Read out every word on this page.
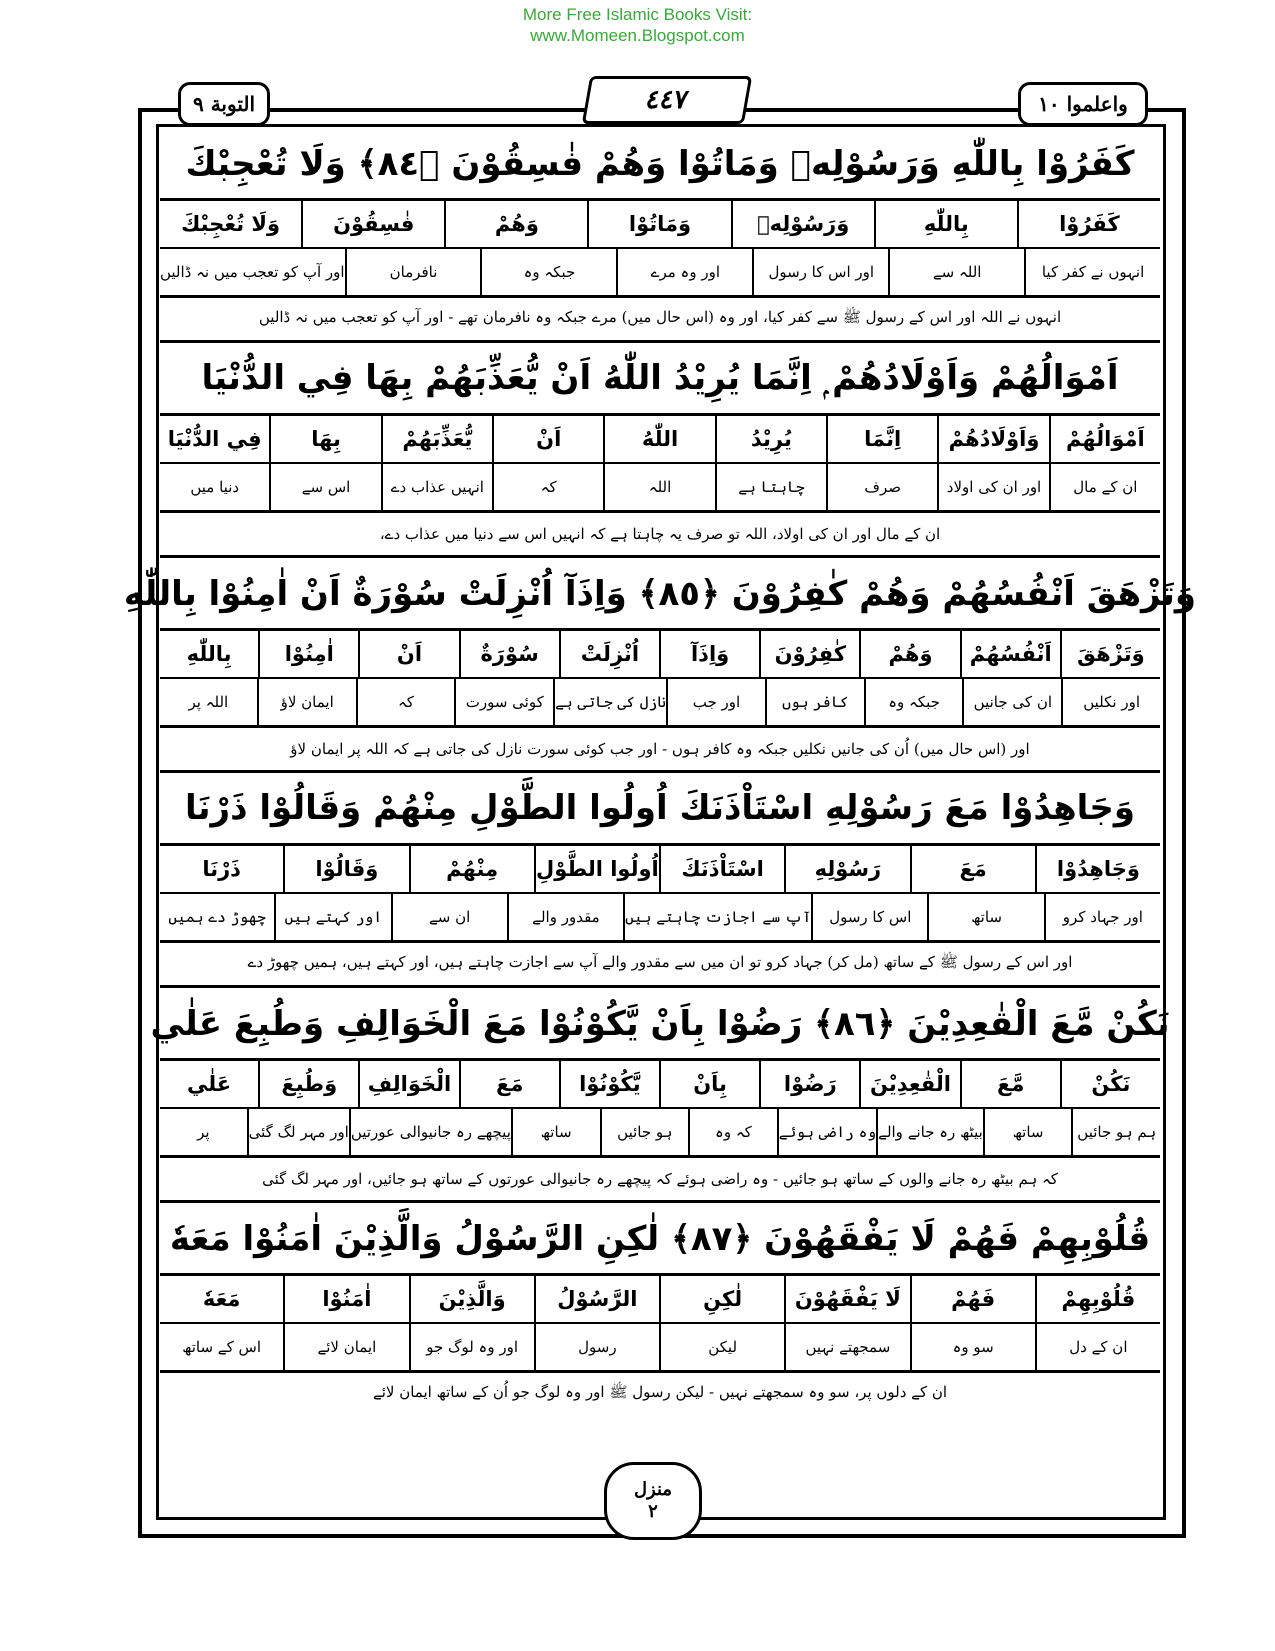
More Free Islamic Books Visit:
www.Momeen.Blogspot.com
التوبة ٩	٤٤٧	واعلموا ١٠
كَفَرُوْا بِاللّٰهِ وَرَسُوْلِهٖ وَمَاتُوْا وَهُمْ فٰسِقُوْنَ ﴿٨٤﴾ وَلَا تُعْجِبْكَ
كَفَرُوْا
بِاللّٰهِ
وَرَسُوْلِهٖ
وَمَاتُوْا
وَهُمْ
فٰسِقُوْنَ
وَلَا تُعْجِبْكَ
انہوں نے کفر کیا
اللہ سے
اور اس کا رسول
اور وہ مرے
جبکہ وہ
نافرمان
اور آپ کو تعجب میں نہ ڈالیں
انہوں نے اللہ اور اس کے رسول ﷺ سے کفر کیا، اور وہ (اس حال میں) مرے جبکہ وہ نافرمان تھے - اور آپ کو تعجب میں نہ ڈالیں
اَمْوَالُهُمْ وَاَوْلَادُهُمْ ۭ اِنَّمَا يُرِيْدُ اللّٰهُ اَنْ يُّعَذِّبَهُمْ بِهَا فِي الدُّنْيَا
اَمْوَالُهُمْ
وَاَوْلَادُهُمْ
اِنَّمَا
يُرِيْدُ
اللّٰهُ
اَنْ
يُّعَذِّبَهُمْ
بِهَا
فِي الدُّنْيَا
ان کے مال
اور ان کی اولاد
صرف
چاہتا ہے
اللہ
کہ
انہیں عذاب دے
اس سے
دنیا میں
ان کے مال اور ان کی اولاد، اللہ تو صرف یہ چاہتا ہے کہ انہیں اس سے دنیا میں عذاب دے،
وَتَزْهَقَ اَنْفُسُهُمْ وَهُمْ كٰفِرُوْنَ ﴿٨٥﴾ وَاِذَآ اُنْزِلَتْ سُوْرَةٌ اَنْ اٰمِنُوْا بِاللّٰهِ
وَتَزْهَقَ
اَنْفُسُهُمْ
وَهُمْ
كٰفِرُوْنَ
وَاِذَآ
اُنْزِلَتْ
سُوْرَةٌ
اَنْ
اٰمِنُوْا
بِاللّٰهِ
اور نکلیں
ان کی جانیں
جبکہ وہ
کافر ہوں
اور جب
نازل کی جاتی ہے
کوئی سورت
کہ
ایمان لاؤ
اللہ پر
اور (اس حال میں) اُن کی جانیں نکلیں جبکہ وہ کافر ہوں - اور جب کوئی سورت نازل کی جاتی ہے کہ اللہ پر ایمان لاؤ
وَجَاهِدُوْا مَعَ رَسُوْلِهِ اسْتَاْذَنَكَ اُولُوا الطَّوْلِ مِنْهُمْ وَقَالُوْا ذَرْنَا
وَجَاهِدُوْا
مَعَ
رَسُوْلِهِ
اسْتَاْذَنَكَ
اُولُوا الطَّوْلِ
مِنْهُمْ
وَقَالُوْا
ذَرْنَا
اور جہاد کرو
ساتھ
اس کا رسول
آپ سے اجازت چاہتے ہیں
مقدور والے
ان سے
اور کہتے ہیں
چھوڑ دے ہمیں
اور اس کے رسول ﷺ کے ساتھ (مل کر) جہاد کرو تو ان میں سے مقدور والے آپ سے اجازت چاہتے ہیں، اور کہتے ہیں، ہمیں چھوڑ دے
نَكُنْ مَّعَ الْقٰعِدِيْنَ ﴿٨٦﴾ رَضُوْا بِاَنْ يَّكُوْنُوْا مَعَ الْخَوَالِفِ وَطُبِعَ عَلٰي
نَكُنْ
مَّعَ
الْقٰعِدِيْنَ
رَضُوْا
بِاَنْ
يَّكُوْنُوْا
مَعَ
الْخَوَالِفِ
وَطُبِعَ
عَلٰي
ہم ہو جائیں
ساتھ
بیٹھ رہ جانے والے
وہ راضی ہوئے
کہ وہ
ہو جائیں
ساتھ
پیچھے رہ جانیوالی عورتیں
اور مہر لگ گئی
پر
کہ ہم بیٹھ رہ جانے والوں کے ساتھ ہو جائیں - وہ راضی ہوئے کہ پیچھے رہ جانیوالی عورتوں کے ساتھ ہو جائیں، اور مہر لگ گئی
قُلُوْبِهِمْ فَهُمْ لَا يَفْقَهُوْنَ ﴿٨٧﴾ لٰكِنِ الرَّسُوْلُ وَالَّذِيْنَ اٰمَنُوْا مَعَهٗ
قُلُوْبِهِمْ
فَهُمْ
لَا يَفْقَهُوْنَ
لٰكِنِ
الرَّسُوْلُ
وَالَّذِيْنَ
اٰمَنُوْا
مَعَهٗ
ان کے دل
سو وہ
سمجھتے نہیں
لیکن
رسول
اور وہ لوگ جو
ایمان لائے
اس کے ساتھ
ان کے دلوں پر، سو وہ سمجھتے نہیں - لیکن رسول ﷺ اور وہ لوگ جو اُن کے ساتھ ایمان لائے
منزل
٢
